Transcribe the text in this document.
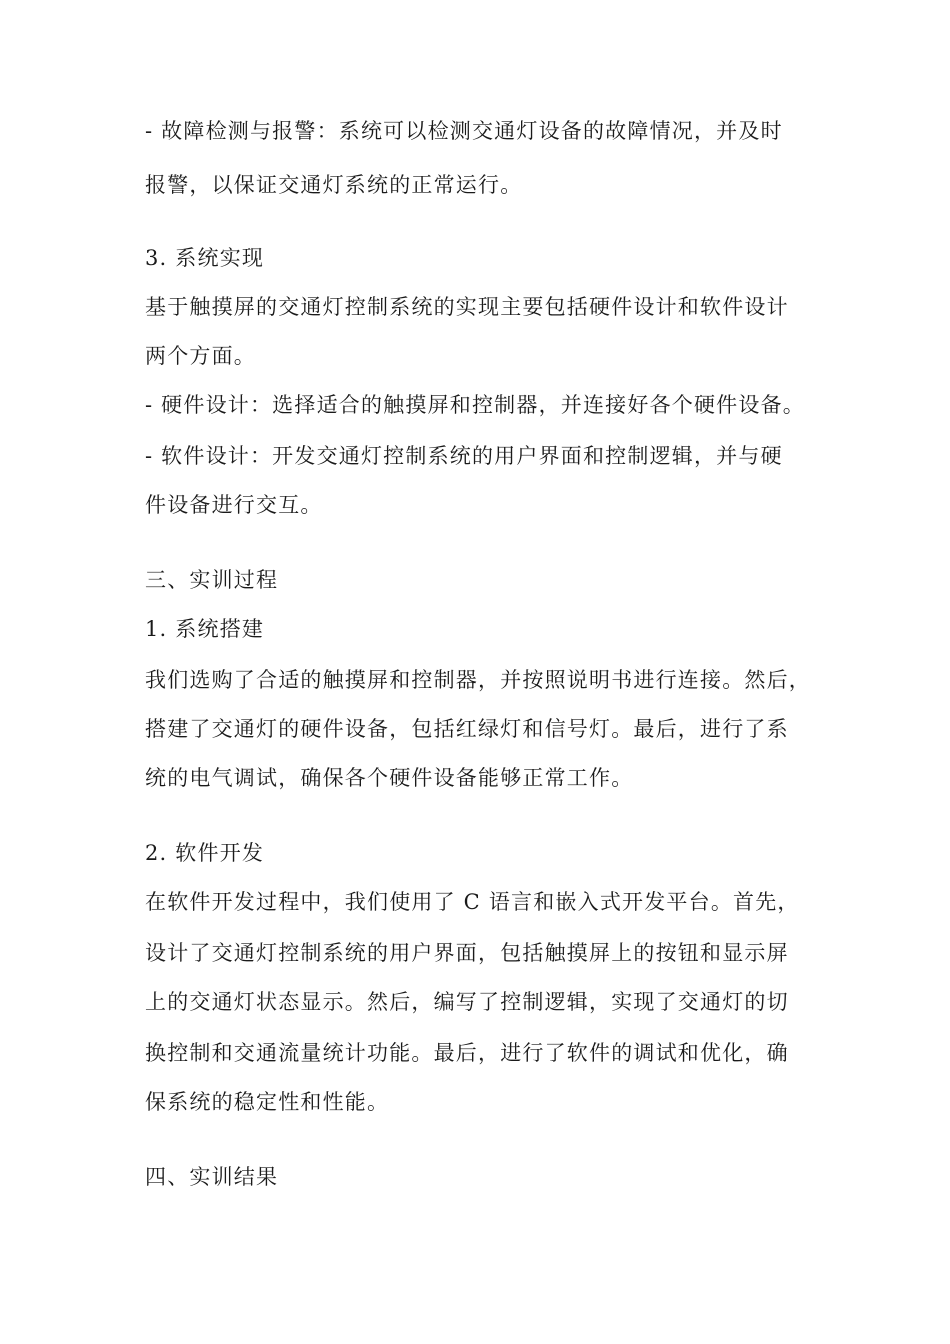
- 故障检测与报警：系统可以检测交通灯设备的故障情况，并及时
报警，以保证交通灯系统的正常运行。
3. 系统实现
基于触摸屏的交通灯控制系统的实现主要包括硬件设计和软件设计
两个方面。
- 硬件设计：选择适合的触摸屏和控制器，并连接好各个硬件设备。
- 软件设计：开发交通灯控制系统的用户界面和控制逻辑，并与硬
件设备进行交互。
三、实训过程
1. 系统搭建
我们选购了合适的触摸屏和控制器，并按照说明书进行连接。然后，
搭建了交通灯的硬件设备，包括红绿灯和信号灯。最后，进行了系
统的电气调试，确保各个硬件设备能够正常工作。
2. 软件开发
在软件开发过程中，我们使用了 C 语言和嵌入式开发平台。首先，
设计了交通灯控制系统的用户界面，包括触摸屏上的按钮和显示屏
上的交通灯状态显示。然后，编写了控制逻辑，实现了交通灯的切
换控制和交通流量统计功能。最后，进行了软件的调试和优化，确
保系统的稳定性和性能。
四、实训结果
